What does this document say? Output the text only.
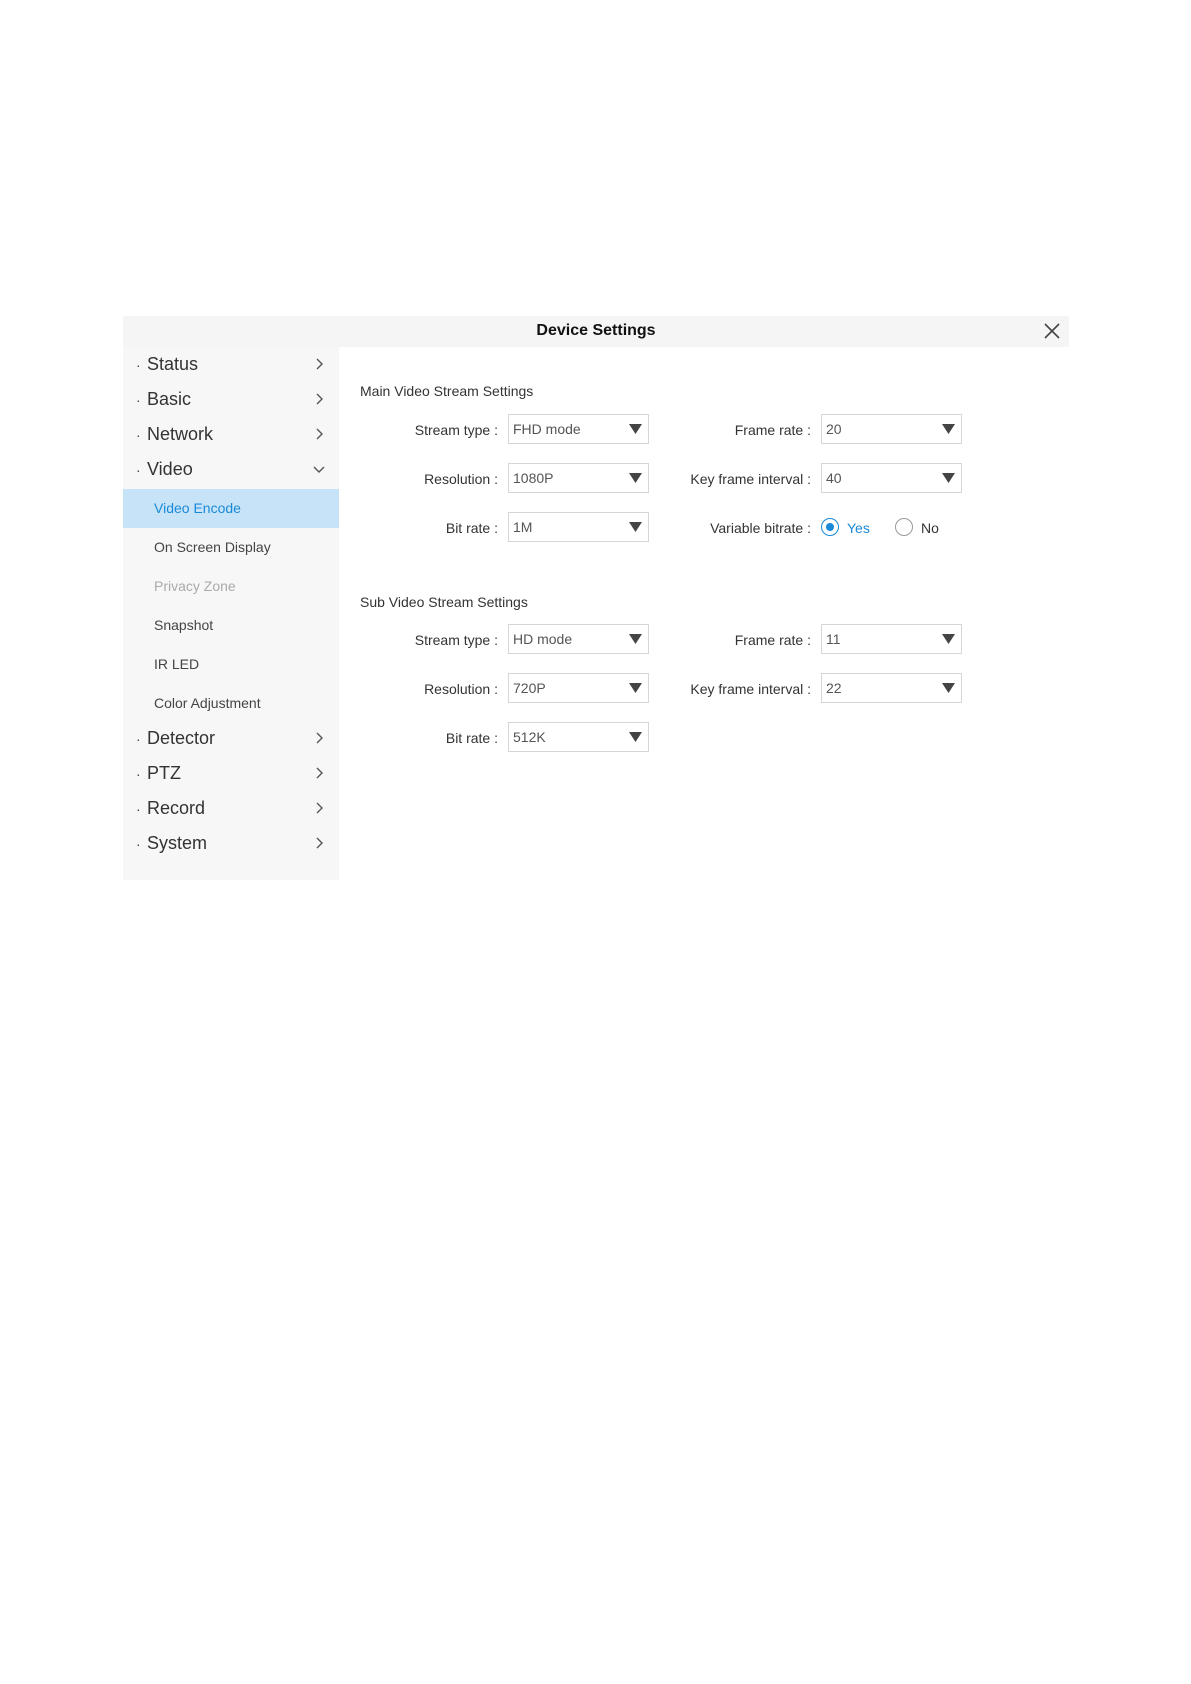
Device Settings
· Status
· Basic
· Network
· Video
Video Encode
On Screen Display
Privacy Zone
Snapshot
IR LED
Color Adjustment
· Detector
· PTZ
· Record
· System
Main Video Stream Settings
Stream type : FHD mode	Frame rate : 20
Resolution : 1080P	Key frame interval : 40
Bit rate : 1M	Variable bitrate :	Yes	No
Sub Video Stream Settings
Stream type : HD mode	Frame rate : 11
Resolution : 720P	Key frame interval : 22
Bit rate : 512K
